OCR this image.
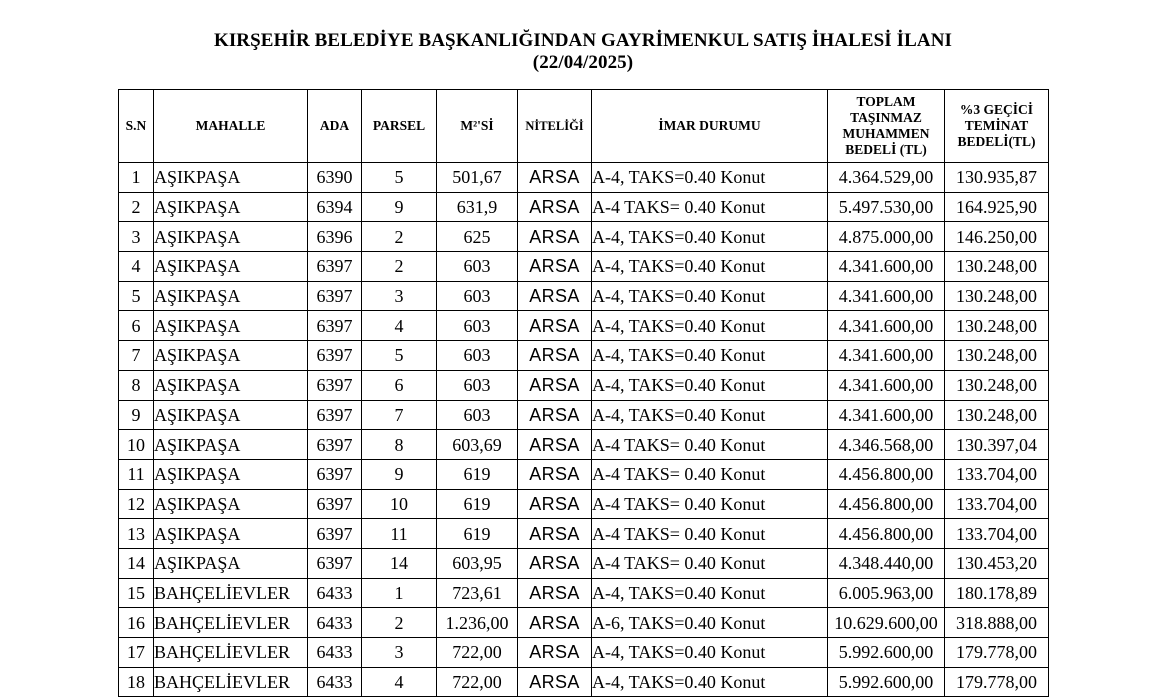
KIRŞEHİR BELEDİYE BAŞKANLIĞINDAN GAYRİMENKUL SATIŞ İHALESİ İLANI
(22/04/2025)
S.N	MAHALLE	ADA	PARSEL	M²'Sİ	NİTELİĞİ	İMAR DURUMU	TOPLAM TAŞINMAZ MUHAMMEN BEDELİ (TL)	%3 GEÇİCİ TEMİNAT BEDELİ(TL)
1	AŞIKPAŞA	6390	5	501,67	ARSA	A-4, TAKS=0.40 Konut	4.364.529,00	130.935,87
2	AŞIKPAŞA	6394	9	631,9	ARSA	A-4 TAKS= 0.40 Konut	5.497.530,00	164.925,90
3	AŞIKPAŞA	6396	2	625	ARSA	A-4, TAKS=0.40 Konut	4.875.000,00	146.250,00
4	AŞIKPAŞA	6397	2	603	ARSA	A-4, TAKS=0.40 Konut	4.341.600,00	130.248,00
5	AŞIKPAŞA	6397	3	603	ARSA	A-4, TAKS=0.40 Konut	4.341.600,00	130.248,00
6	AŞIKPAŞA	6397	4	603	ARSA	A-4, TAKS=0.40 Konut	4.341.600,00	130.248,00
7	AŞIKPAŞA	6397	5	603	ARSA	A-4, TAKS=0.40 Konut	4.341.600,00	130.248,00
8	AŞIKPAŞA	6397	6	603	ARSA	A-4, TAKS=0.40 Konut	4.341.600,00	130.248,00
9	AŞIKPAŞA	6397	7	603	ARSA	A-4, TAKS=0.40 Konut	4.341.600,00	130.248,00
10	AŞIKPAŞA	6397	8	603,69	ARSA	A-4 TAKS= 0.40 Konut	4.346.568,00	130.397,04
11	AŞIKPAŞA	6397	9	619	ARSA	A-4 TAKS= 0.40 Konut	4.456.800,00	133.704,00
12	AŞIKPAŞA	6397	10	619	ARSA	A-4 TAKS= 0.40 Konut	4.456.800,00	133.704,00
13	AŞIKPAŞA	6397	11	619	ARSA	A-4 TAKS= 0.40 Konut	4.456.800,00	133.704,00
14	AŞIKPAŞA	6397	14	603,95	ARSA	A-4 TAKS= 0.40 Konut	4.348.440,00	130.453,20
15	BAHÇELİEVLER	6433	1	723,61	ARSA	A-4, TAKS=0.40 Konut	6.005.963,00	180.178,89
16	BAHÇELİEVLER	6433	2	1.236,00	ARSA	A-6, TAKS=0.40 Konut	10.629.600,00	318.888,00
17	BAHÇELİEVLER	6433	3	722,00	ARSA	A-4, TAKS=0.40 Konut	5.992.600,00	179.778,00
18	BAHÇELİEVLER	6433	4	722,00	ARSA	A-4, TAKS=0.40 Konut	5.992.600,00	179.778,00
